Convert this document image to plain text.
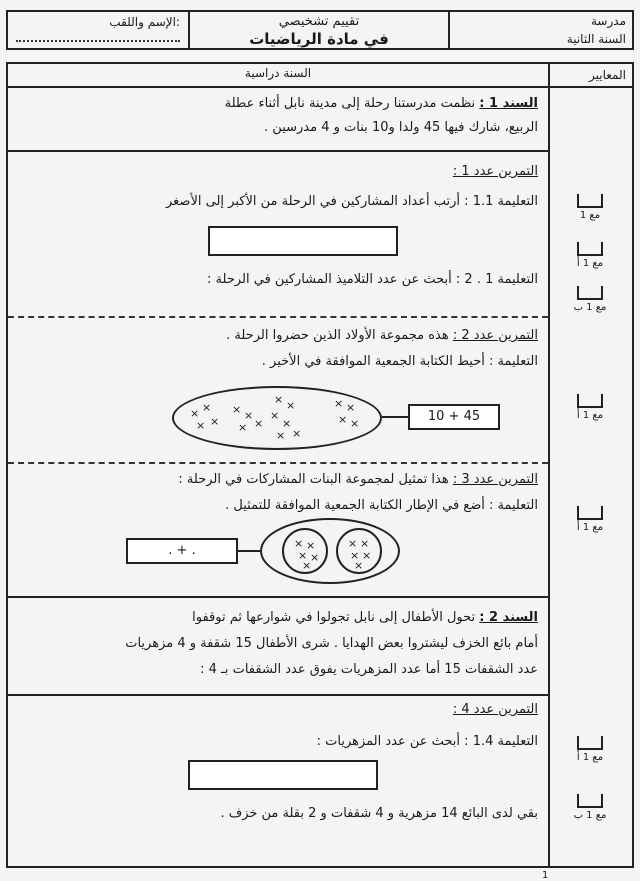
الإسم واللقب:	تقييم تشخيصي
في مادة الرياضيات
مدرسة
السنة الثانية
المعايير
مع 1
مع 1 أ
مع 1 ب
مع 1 أ
مع 1 أ
مع 1 أ
مع 1 ب
السنة دراسية
السند 1 : نظمت مدرستنا رحلة إلى مدينة نابل أثناء عطلة
الربيع، شارك فيها 45 ولدا و10 بنات و 4 مدرسين .
التمرين عدد 1 :
التعليمة 1.1 : أرتب أعداد المشاركين في الرحلة من الأكبر إلى الأصغر
التعليمة 1 . 2 : أبحث عن عدد التلاميذ المشاركين في الرحلة :
التمرين عدد 2 : هذه مجموعة الأولاد الذين حضروا الرحلة .
التعليمة : أحيط الكتابة الجمعية الموافقة في الأخير .
× ×
× ×
× ×
× ×
× ×
×
×
× ×
× ×
× ×	10 + 45
التمرين عدد 3 : هذا تمثيل لمجموعة البنات المشاركات في الرحلة :
التعليمة : أضع في الإطار الكتابة الجمعية الموافقة للتمثيل .
. + .	× ×
× ×
×
× ×
× ×
×
السند 2 : تحول الأطفال إلى نابل تجولوا في شوارعها ثم توقفوا
أمام بائع الخزف ليشتروا بعض الهدايا . شرى الأطفال 15 شقفة و 4 مزهريات
عدد الشقفات 15 أما عدد المزهريات يفوق عدد الشقفات بـ 4 :
التمرين عدد 4 :
التعليمة 1.4 : أبحث عن عدد المزهريات :
بقي لدى البائع 14 مزهرية و 4 شقفات و 2 بقلة من خزف .
1
